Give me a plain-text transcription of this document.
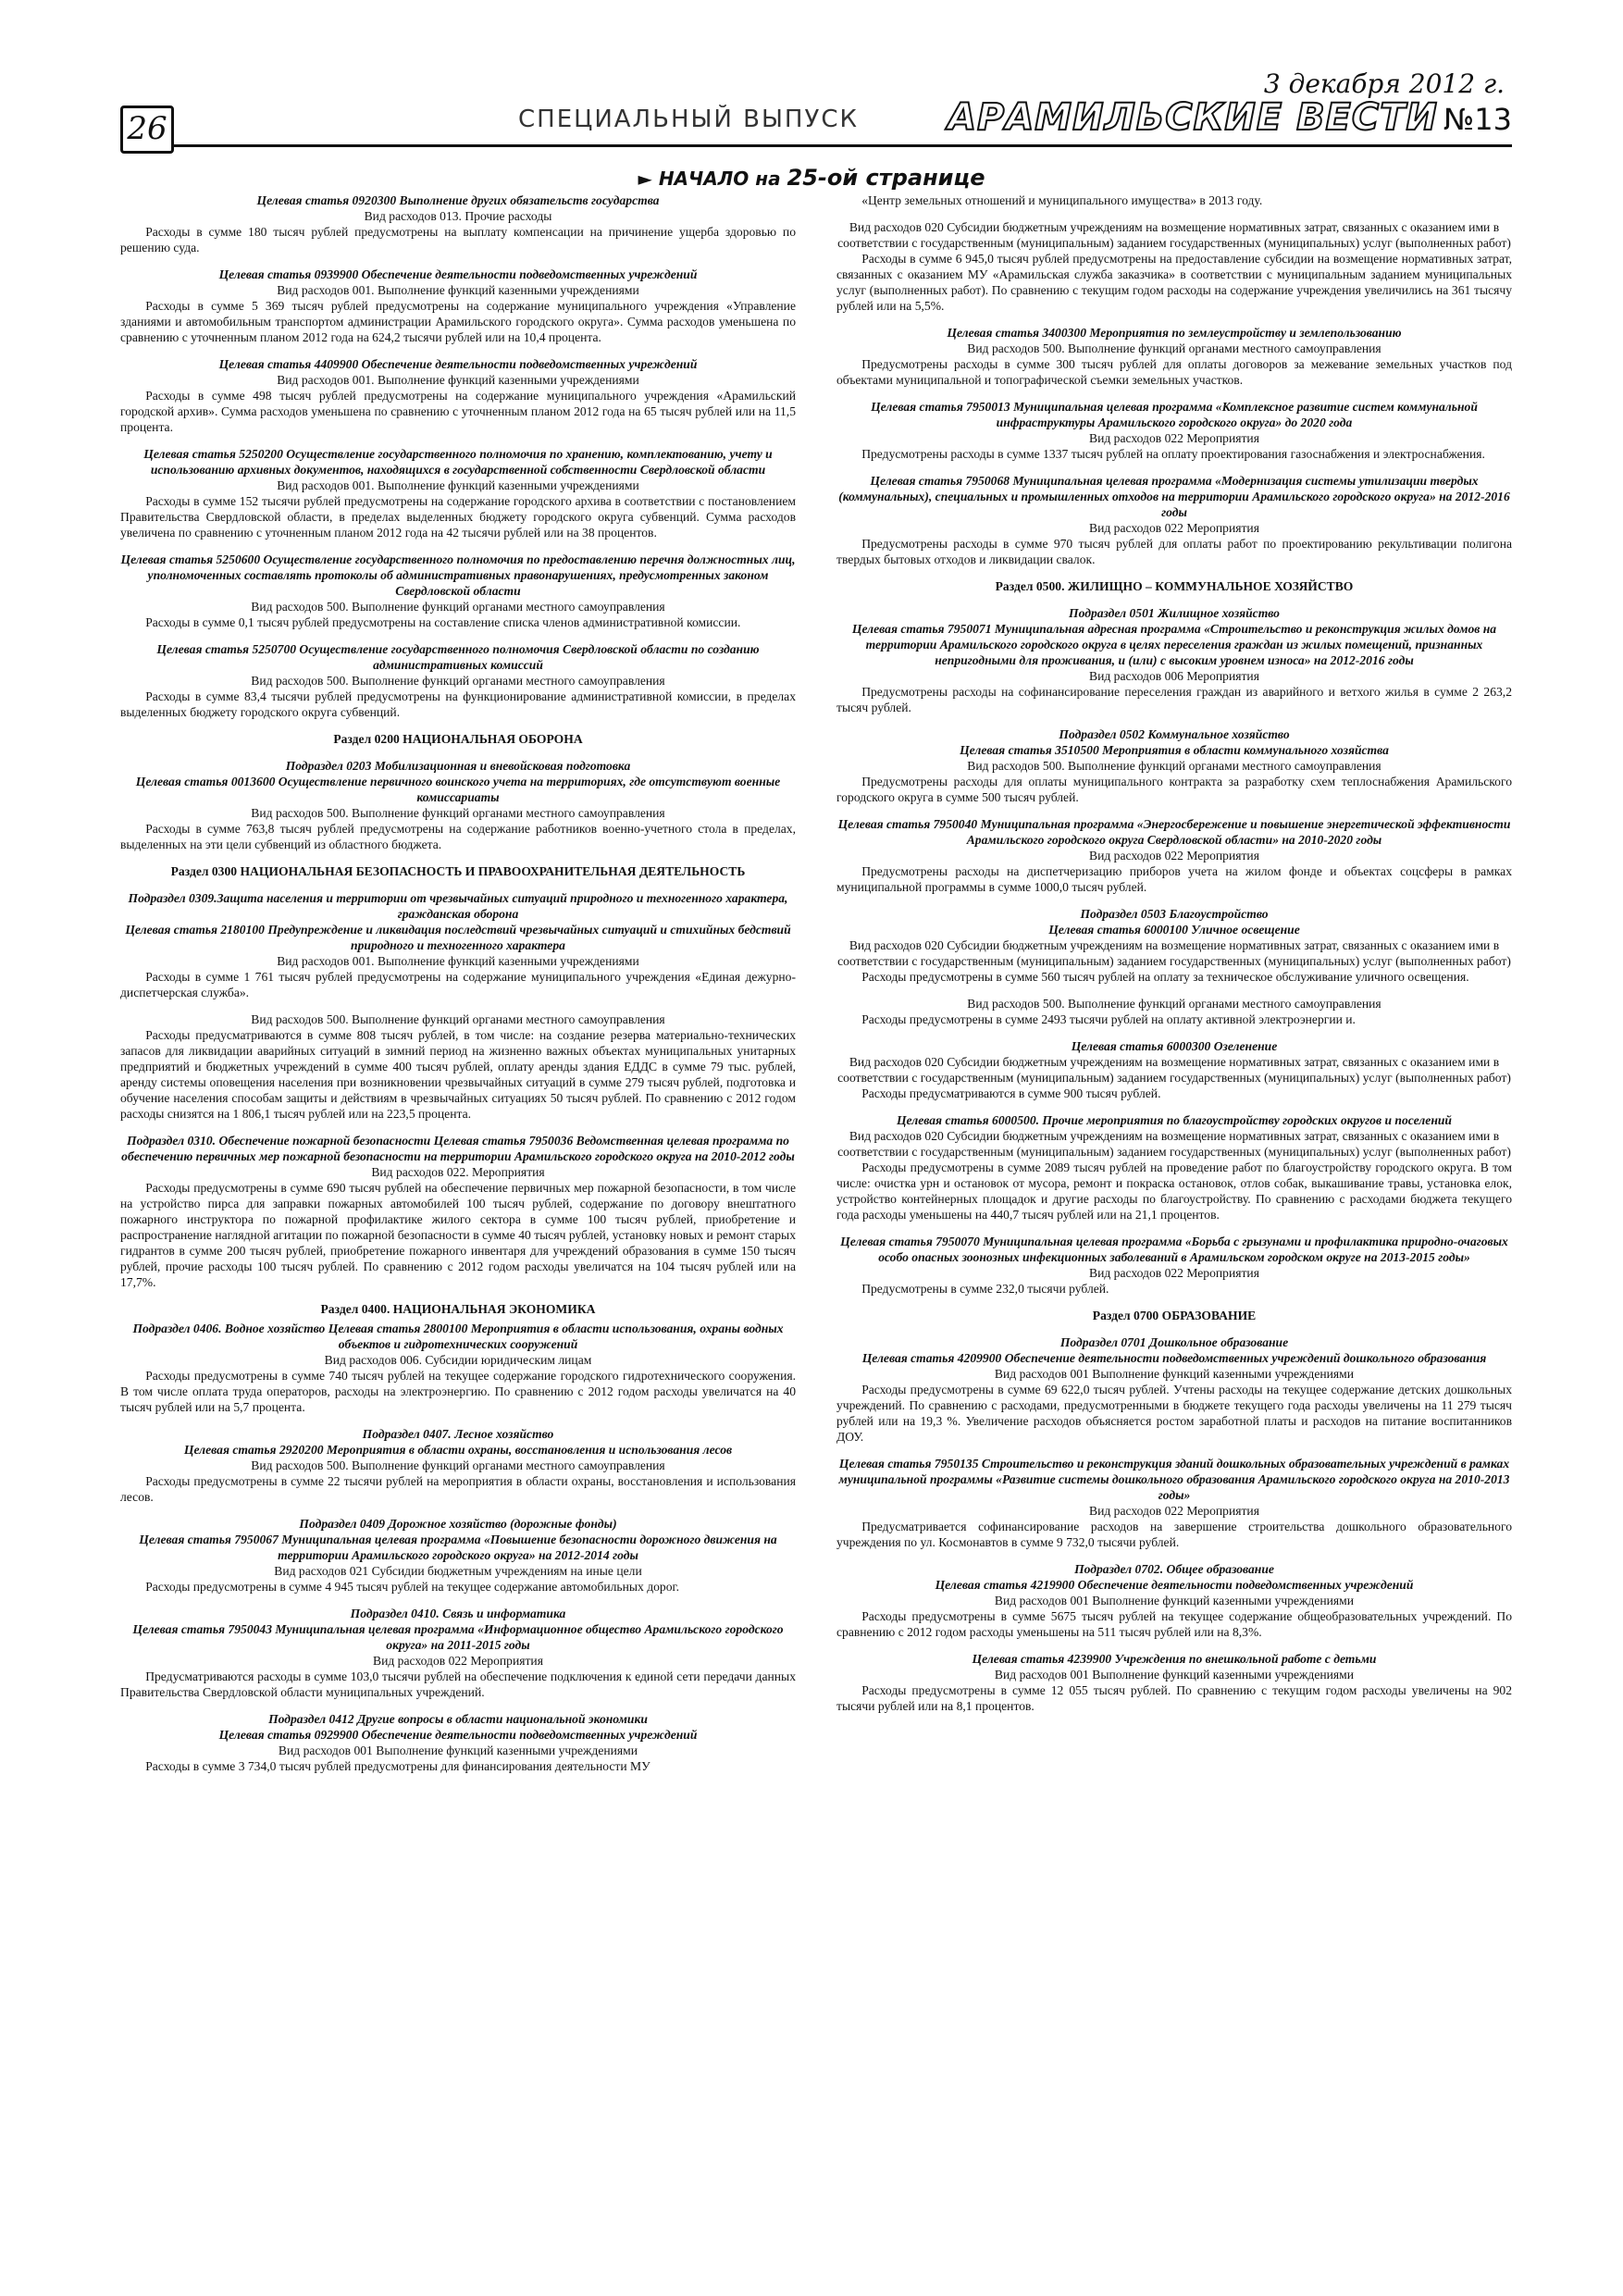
26	СПЕЦИАЛЬНЫЙ ВЫПУСК
3 декабря 2012 г.
АРАМИЛЬСКИЕ ВЕСТИ №13
► НАЧАЛО на 25-ой странице
Целевая статья 0920300 Выполнение других обязательств государства
Вид расходов 013. Прочие расходы
Расходы в сумме 180 тысяч рублей предусмотрены на выплату компенсации на причинение ущерба здоровью по решению суда.
Целевая статья 0939900 Обеспечение деятельности подведомственных учреждений
Вид расходов 001. Выполнение функций казенными учреждениями
Расходы в сумме 5 369 тысяч рублей предусмотрены на содержание муниципального учреждения «Управление зданиями и автомобильным транспортом администрации Арамильского городского округа». Сумма расходов уменьшена по сравнению с уточненным планом 2012 года на 624,2 тысячи рублей или на 10,4 процента.
Целевая статья 4409900 Обеспечение деятельности подведомственных учреждений
Вид расходов 001. Выполнение функций казенными учреждениями
Расходы в сумме 498 тысяч рублей предусмотрены на содержание муниципального учреждения «Арамильский городской архив». Сумма расходов уменьшена по сравнению с уточненным планом 2012 года на 65 тысяч рублей или на 11,5 процента.
Целевая статья 5250200 Осуществление государственного полномочия по хранению, комплектованию, учету и использованию архивных документов, находящихся в государственной собственности Свердловской области
Вид расходов 001. Выполнение функций казенными учреждениями
Расходы в сумме 152 тысячи рублей предусмотрены на содержание городского архива в соответствии с постановлением Правительства Свердловской области, в пределах выделенных бюджету городского округа субвенций. Сумма расходов увеличена по сравнению с уточненным планом 2012 года на 42 тысячи рублей или на 38 процентов.
Целевая статья 5250600 Осуществление государственного полномочия по предоставлению перечня должностных лиц, уполномоченных составлять протоколы об административных правонарушениях, предусмотренных законом Свердловской области
Вид расходов 500. Выполнение функций органами местного самоуправления
Расходы в сумме 0,1 тысяч рублей предусмотрены на составление списка членов административной комиссии.
Целевая статья 5250700 Осуществление государственного полномочия Свердловской области по созданию административных комиссий
Вид расходов 500. Выполнение функций органами местного самоуправления
Расходы в сумме 83,4 тысячи рублей предусмотрены на функционирование административной комиссии, в пределах выделенных бюджету городского округа субвенций.
Раздел 0200 НАЦИОНАЛЬНАЯ ОБОРОНА
Подраздел 0203 Мобилизационная и вневойсковая подготовка
Целевая статья 0013600 Осуществление первичного воинского учета на территориях, где отсутствуют военные комиссариаты
Вид расходов 500. Выполнение функций органами местного самоуправления
Расходы в сумме 763,8 тысяч рублей предусмотрены на содержание работников военно-учетного стола в пределах, выделенных на эти цели субвенций из областного бюджета.
Раздел 0300 НАЦИОНАЛЬНАЯ БЕЗОПАСНОСТЬ И ПРАВООХРАНИТЕЛЬНАЯ ДЕЯТЕЛЬНОСТЬ
Подраздел 0309.Защита населения и территории от чрезвычайных ситуаций природного и техногенного характера, гражданская оборона
Целевая статья 2180100 Предупреждение и ликвидация последствий чрезвычайных ситуаций и стихийных бедствий природного и техногенного характера
Вид расходов 001. Выполнение функций казенными учреждениями
Расходы в сумме 1 761 тысяч рублей предусмотрены на содержание муниципального учреждения «Единая дежурно-диспетчерская служба».
Вид расходов 500. Выполнение функций органами местного самоуправления
Расходы предусматриваются в сумме 808 тысяч рублей, в том числе: на создание резерва материально-технических запасов для ликвидации аварийных ситуаций в зимний период на жизненно важных объектах муниципальных унитарных предприятий и бюджетных учреждений в сумме 400 тысяч рублей, оплату аренды здания ЕДДС в сумме 79 тыс. рублей, аренду системы оповещения населения при возникновении чрезвычайных ситуаций в сумме 279 тысяч рублей, подготовка и обучение населения способам защиты и действиям в чрезвычайных ситуациях 50 тысяч рублей. По сравнению с 2012 годом расходы снизятся на 1 806,1 тысяч рублей или на 223,5 процента.
Подраздел 0310. Обеспечение пожарной безопасности Целевая статья 7950036 Ведомственная целевая программа по обеспечению первичных мер пожарной безопасности на территории Арамильского городского округа на 2010-2012 годы
Вид расходов 022. Мероприятия
Расходы предусмотрены в сумме 690 тысяч рублей на обеспечение первичных мер пожарной безопасности, в том числе на устройство пирса для заправки пожарных автомобилей 100 тысяч рублей, содержание по договору внештатного пожарного инструктора по пожарной профилактике жилого сектора в сумме 100 тысяч рублей, приобретение и распространение наглядной агитации по пожарной безопасности в сумме 40 тысяч рублей, установку новых и ремонт старых гидрантов в сумме 200 тысяч рублей, приобретение пожарного инвентаря для учреждений образования в сумме 150 тысяч рублей, прочие расходы 100 тысяч рублей. По сравнению с 2012 годом расходы увеличатся на 104 тысяч рублей или на 17,7%.
Раздел 0400. НАЦИОНАЛЬНАЯ ЭКОНОМИКА
Подраздел 0406. Водное хозяйство Целевая статья 2800100 Мероприятия в области использования, охраны водных объектов и гидротехнических сооружений
Вид расходов 006. Субсидии юридическим лицам
Расходы предусмотрены в сумме 740 тысяч рублей на текущее содержание городского гидротехнического сооружения. В том числе оплата труда операторов, расходы на электроэнергию. По сравнению с 2012 годом расходы увеличатся на 40 тысяч рублей или на 5,7 процента.
Подраздел 0407. Лесное хозяйство
Целевая статья 2920200 Мероприятия в области охраны, восстановления и использования лесов
Вид расходов 500. Выполнение функций органами местного самоуправления
Расходы предусмотрены в сумме 22 тысячи рублей на мероприятия в области охраны, восстановления и использования лесов.
Подраздел 0409 Дорожное хозяйство (дорожные фонды)
Целевая статья 7950067 Муниципальная целевая программа «Повышение безопасности дорожного движения на территории Арамильского городского округа» на 2012-2014 годы
Вид расходов 021 Субсидии бюджетным учреждениям на иные цели
Расходы предусмотрены в сумме 4 945 тысяч рублей на текущее содержание автомобильных дорог.
Подраздел 0410. Связь и информатика
Целевая статья 7950043 Муниципальная целевая программа «Информационное общество Арамильского городского округа» на 2011-2015 годы
Вид расходов 022 Мероприятия
Предусматриваются расходы в сумме 103,0 тысячи рублей на обеспечение подключения к единой сети передачи данных Правительства Свердловской области муниципальных учреждений.
Подраздел 0412 Другие вопросы в области национальной экономики
Целевая статья 0929900 Обеспечение деятельности подведомственных учреждений
Вид расходов 001 Выполнение функций казенными учреждениями
Расходы в сумме 3 734,0 тысяч рублей предусмотрены для финансирования деятельности МУ
«Центр земельных отношений и муниципального имущества» в 2013 году.
Вид расходов 020 Субсидии бюджетным учреждениям на возмещение нормативных затрат, связанных с оказанием ими в соответствии с государственным (муниципальным) заданием государственных (муниципальных) услуг (выполненных работ)
Расходы в сумме 6 945,0 тысяч рублей предусмотрены на предоставление субсидии на возмещение нормативных затрат, связанных с оказанием МУ «Арамильская служба заказчика» в соответствии с муниципальным заданием муниципальных услуг (выполненных работ). По сравнению с текущим годом расходы на содержание учреждения увеличились на 361 тысячу рублей или на 5,5%.
Целевая статья 3400300 Мероприятия по землеустройству и землепользованию
Вид расходов 500. Выполнение функций органами местного самоуправления
Предусмотрены расходы в сумме 300 тысяч рублей для оплаты договоров за межевание земельных участков под объектами муниципальной и топографической съемки земельных участков.
Целевая статья 7950013 Муниципальная целевая программа «Комплексное развитие систем коммунальной инфраструктуры Арамильского городского округа» до 2020 года
Вид расходов 022 Мероприятия
Предусмотрены расходы в сумме 1337 тысяч рублей на оплату проектирования газоснабжения и электроснабжения.
Целевая статья 7950068 Муниципальная целевая программа «Модернизация системы утилизации твердых (коммунальных), специальных и промышленных отходов на территории Арамильского городского округа» на 2012-2016 годы
Вид расходов 022 Мероприятия
Предусмотрены расходы в сумме 970 тысяч рублей для оплаты работ по проектированию рекультивации полигона твердых бытовых отходов и ликвидации свалок.
Раздел 0500. ЖИЛИЩНО – КОММУНАЛЬНОЕ ХОЗЯЙСТВО
Подраздел 0501 Жилищное хозяйство
Целевая статья 7950071 Муниципальная адресная программа «Строительство и реконструкция жилых домов на территории Арамильского городского округа в целях переселения граждан из жилых помещений, признанных непригодными для проживания, и (или) с высоким уровнем износа» на 2012-2016 годы
Вид расходов 006 Мероприятия
Предусмотрены расходы на софинансирование переселения граждан из аварийного и ветхого жилья в сумме 2 263,2 тысяч рублей.
Подраздел 0502 Коммунальное хозяйство
Целевая статья 3510500 Мероприятия в области коммунального хозяйства
Вид расходов 500. Выполнение функций органами местного самоуправления
Предусмотрены расходы для оплаты муниципального контракта за разработку схем теплоснабжения Арамильского городского округа в сумме 500 тысяч рублей.
Целевая статья 7950040 Муниципальная программа «Энергосбережение и повышение энергетической эффективности Арамильского городского округа Свердловской области» на 2010-2020 годы
Вид расходов 022 Мероприятия
Предусмотрены расходы на диспетчеризацию приборов учета на жилом фонде и объектах соцсферы в рамках муниципальной программы в сумме 1000,0 тысяч рублей.
Подраздел 0503 Благоустройство
Целевая статья 6000100 Уличное освещение
Вид расходов 020 Субсидии бюджетным учреждениям на возмещение нормативных затрат, связанных с оказанием ими в соответствии с государственным (муниципальным) заданием государственных (муниципальных) услуг (выполненных работ)
Расходы предусмотрены в сумме 560 тысяч рублей на оплату за техническое обслуживание уличного освещения.
Вид расходов 500. Выполнение функций органами местного самоуправления
Расходы предусмотрены в сумме 2493 тысячи рублей на оплату активной электроэнергии и.
Целевая статья 6000300 Озеленение
Вид расходов 020 Субсидии бюджетным учреждениям на возмещение нормативных затрат, связанных с оказанием ими в соответствии с государственным (муниципальным) заданием государственных (муниципальных) услуг (выполненных работ)
Расходы предусматриваются в сумме 900 тысяч рублей.
Целевая статья 6000500. Прочие мероприятия по благоустройству городских округов и поселений
Вид расходов 020 Субсидии бюджетным учреждениям на возмещение нормативных затрат, связанных с оказанием ими в соответствии с государственным (муниципальным) заданием государственных (муниципальных) услуг (выполненных работ)
Расходы предусмотрены в сумме 2089 тысяч рублей на проведение работ по благоустройству городского округа. В том числе: очистка урн и остановок от мусора, ремонт и покраска остановок, отлов собак, выкашивание травы, установка елок, устройство контейнерных площадок и другие расходы по благоустройству. По сравнению с расходами бюджета текущего года расходы уменьшены на 440,7 тысяч рублей или на 21,1 процентов.
Целевая статья 7950070 Муниципальная целевая программа «Борьба с грызунами и профилактика природно-очаговых особо опасных зоонозных инфекционных заболеваний в Арамильском городском округе на 2013-2015 годы»
Вид расходов 022 Мероприятия
Предусмотрены в сумме 232,0 тысячи рублей.
Раздел 0700 ОБРАЗОВАНИЕ
Подраздел 0701 Дошкольное образование
Целевая статья 4209900 Обеспечение деятельности подведомственных учреждений дошкольного образования
Вид расходов 001 Выполнение функций казенными учреждениями
Расходы предусмотрены в сумме 69 622,0 тысяч рублей. Учтены расходы на текущее содержание детских дошкольных учреждений. По сравнению с расходами, предусмотренными в бюджете текущего года расходы увеличены на 11 279 тысяч рублей или на 19,3 %. Увеличение расходов объясняется ростом заработной платы и расходов на питание воспитанников ДОУ.
Целевая статья 7950135 Строительство и реконструкция зданий дошкольных образовательных учреждений в рамках муниципальной программы «Развитие системы дошкольного образования Арамильского городского округа на 2010-2013 годы»
Вид расходов 022 Мероприятия
Предусматривается софинансирование расходов на завершение строительства дошкольного образовательного учреждения по ул. Космонавтов в сумме 9 732,0 тысячи рублей.
Подраздел 0702. Общее образование
Целевая статья 4219900 Обеспечение деятельности подведомственных учреждений
Вид расходов 001 Выполнение функций казенными учреждениями
Расходы предусмотрены в сумме 5675 тысяч рублей на текущее содержание общеобразовательных учреждений. По сравнению с 2012 годом расходы уменьшены на 511 тысяч рублей или на 8,3%.
Целевая статья 4239900 Учреждения по внешкольной работе с детьми
Вид расходов 001 Выполнение функций казенными учреждениями
Расходы предусмотрены в сумме 12 055 тысяч рублей. По сравнению с текущим годом расходы увеличены на 902 тысячи рублей или на 8,1 процентов.
